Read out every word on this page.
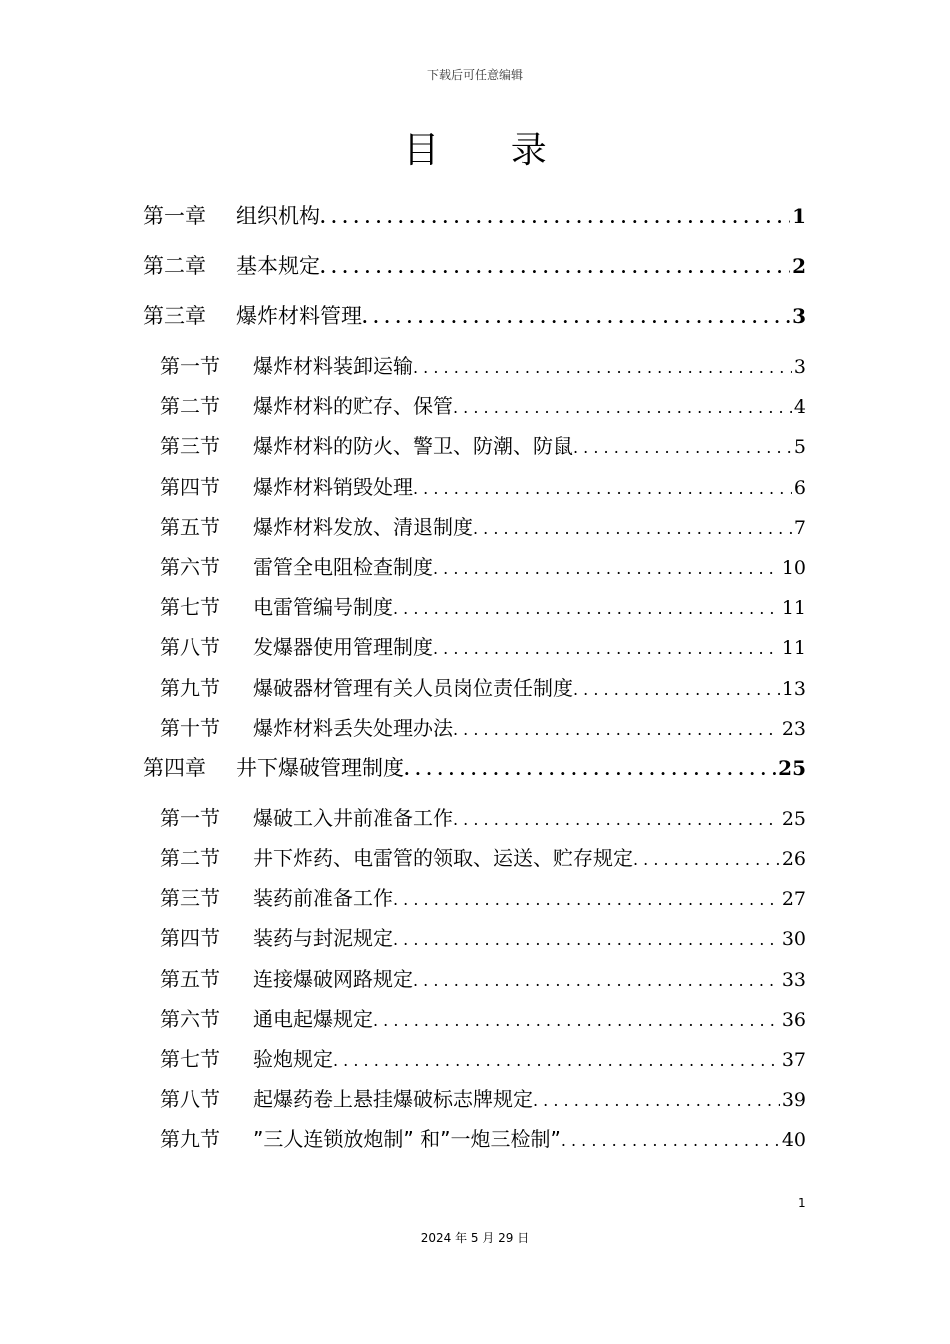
下载后可任意编辑
目 录
第一章	组织机构 . . .	1
第二章	基本规定 . . .	2
第三章	爆炸材料管理 . . .	3
第一节	爆炸材料装卸运输 . . .	3
第二节	爆炸材料的贮存、保管 . . .	4
第三节	爆炸材料的防火、警卫、防潮、防鼠 . . .	5
第四节	爆炸材料销毁处理 . . .	6
第五节	爆炸材料发放、清退制度 . . .	7
第六节	雷管全电阻检查制度 . . .	10
第七节	电雷管编号制度 . . .	11
第八节	发爆器使用管理制度 . . .	11
第九节	爆破器材管理有关人员岗位责任制度 . . .	13
第十节	爆炸材料丢失处理办法 . . .	23
第四章	井下爆破管理制度 . . .	25
第一节	爆破工入井前准备工作 . . .	25
第二节	井下炸药、电雷管的领取、运送、贮存规定 . . .	26
第三节	装药前准备工作 . . .	27
第四节	装药与封泥规定 . . .	30
第五节	连接爆破网路规定 . . .	33
第六节	通电起爆规定 . . .	36
第七节	验炮规定 . . .	37
第八节	起爆药卷上悬挂爆破标志牌规定 . . .	39
第九节	”三人连锁放炮制” 和”一炮三检制” . . .	40
1
2024 年 5 月 29 日
